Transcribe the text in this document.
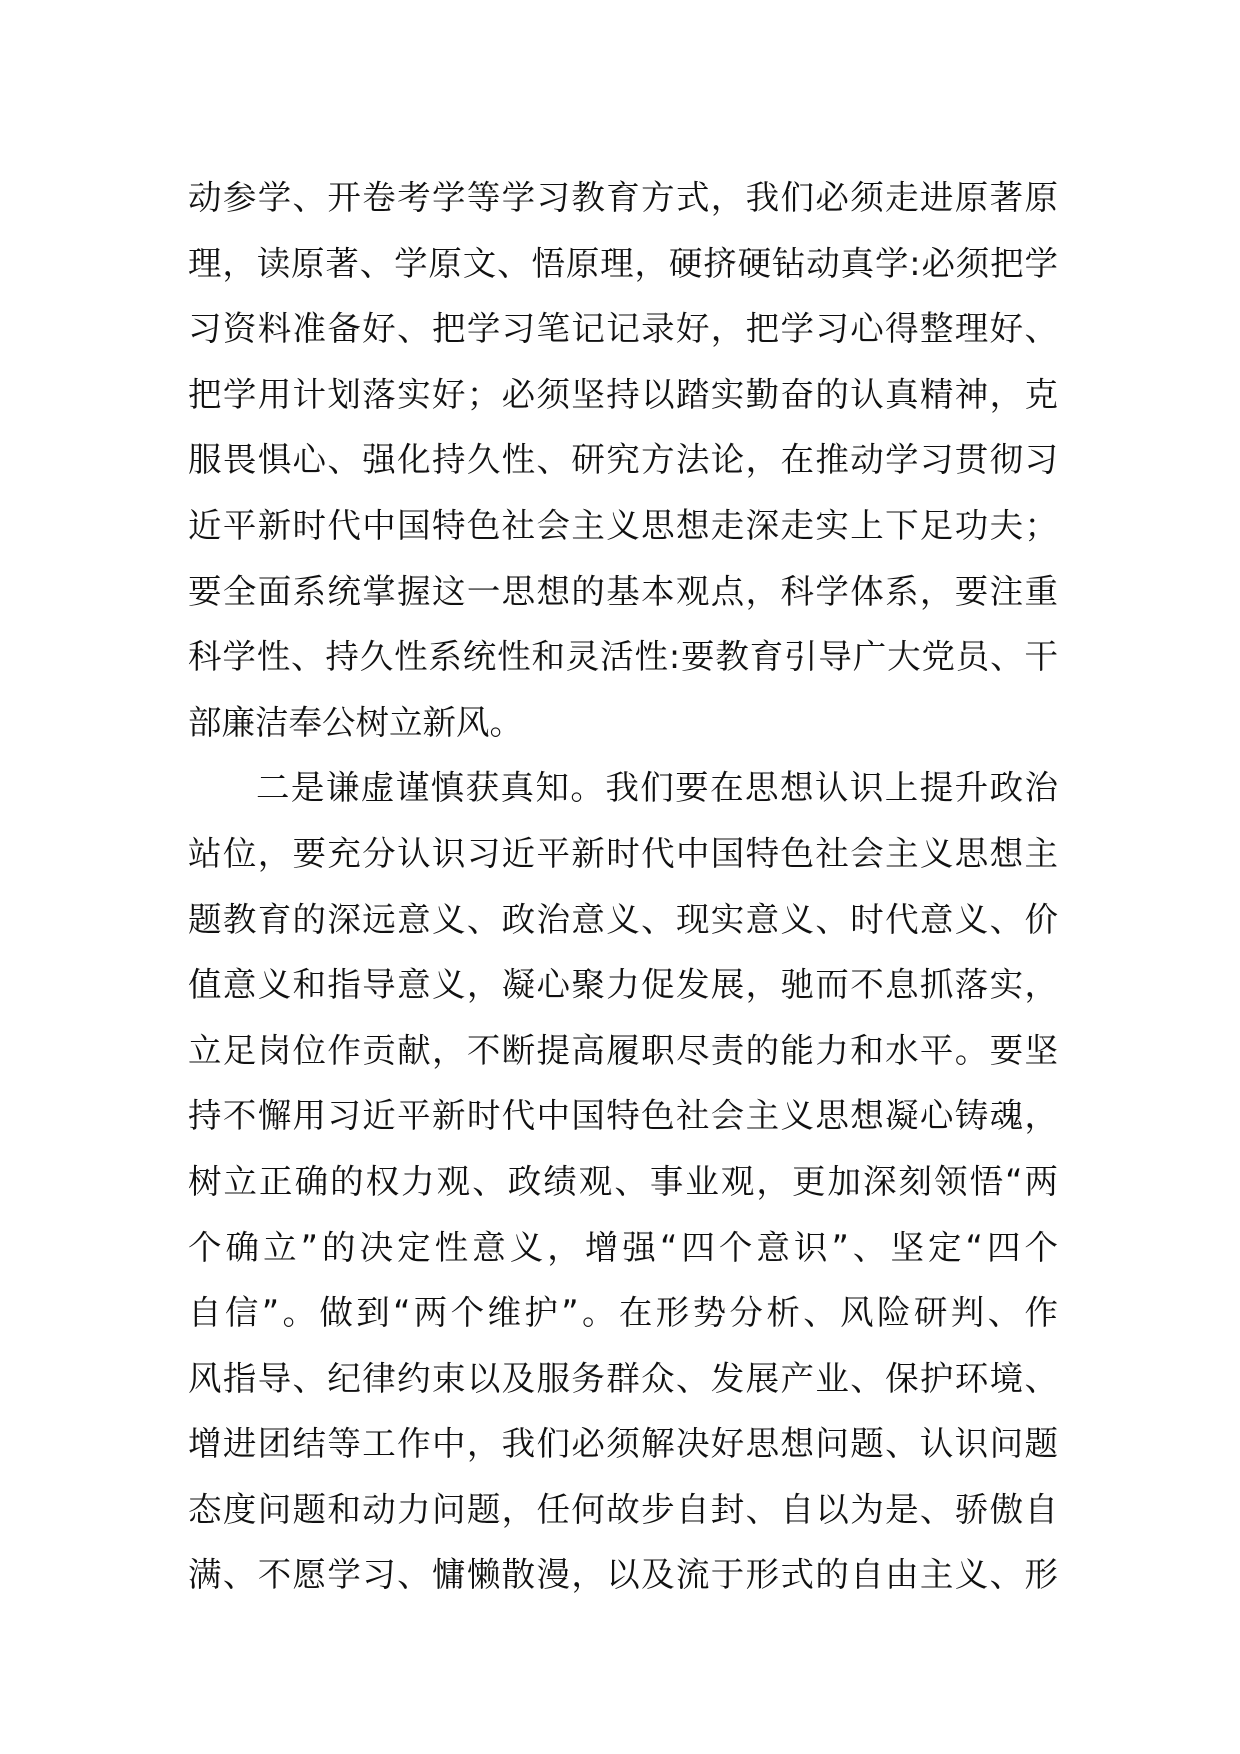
动参学、开卷考学等学习教育方式，我们必须走进原著原
理，读原著、学原文、悟原理，硬挤硬钻动真学:必须把学
习资料准备好、把学习笔记记录好，把学习心得整理好、
把学用计划落实好；必须坚持以踏实勤奋的认真精神，克
服畏惧心、强化持久性、研究方法论，在推动学习贯彻习
近平新时代中国特色社会主义思想走深走实上下足功夫；
要全面系统掌握这一思想的基本观点，科学体系，要注重
科学性、持久性系统性和灵活性:要教育引导广大党员、干
部廉洁奉公树立新风。
二是谦虚谨慎获真知。我们要在思想认识上提升政治
站位，要充分认识习近平新时代中国特色社会主义思想主
题教育的深远意义、政治意义、现实意义、时代意义、价
值意义和指导意义，凝心聚力促发展，驰而不息抓落实，
立足岗位作贡献，不断提高履职尽责的能力和水平。要坚
持不懈用习近平新时代中国特色社会主义思想凝心铸魂，
树立正确的权力观、政绩观、事业观，更加深刻领悟“两
个确立”的决定性意义，增强“四个意识”、坚定“四个
自信”。做到“两个维护”。在形势分析、风险研判、作
风指导、纪律约束以及服务群众、发展产业、保护环境、
增进团结等工作中，我们必须解决好思想问题、认识问题
态度问题和动力问题，任何故步自封、自以为是、骄傲自
满、不愿学习、慵懒散漫，以及流于形式的自由主义、形
